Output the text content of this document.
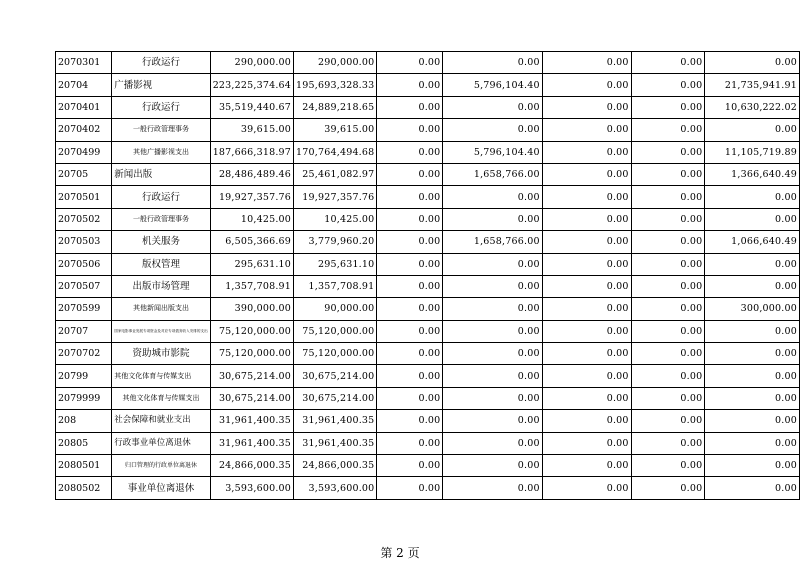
2070301	行政运行	290,000.00	290,000.00	0.00	0.00	0.00	0.00	0.00
20704	广播影视	223,225,374.64	195,693,328.33	0.00	5,796,104.40	0.00	0.00	21,735,941.91
2070401	行政运行	35,519,440.67	24,889,218.65	0.00	0.00	0.00	0.00	10,630,222.02
2070402	一般行政管理事务	39,615.00	39,615.00	0.00	0.00	0.00	0.00	0.00
2070499	其他广播影视支出	187,666,318.97	170,764,494.68	0.00	5,796,104.40	0.00	0.00	11,105,719.89
20705	新闻出版	28,486,489.46	25,461,082.97	0.00	1,658,766.00	0.00	0.00	1,366,640.49
2070501	行政运行	19,927,357.76	19,927,357.76	0.00	0.00	0.00	0.00	0.00
2070502	一般行政管理事务	10,425.00	10,425.00	0.00	0.00	0.00	0.00	0.00
2070503	机关服务	6,505,366.69	3,779,960.20	0.00	1,658,766.00	0.00	0.00	1,066,640.49
2070506	版权管理	295,631.10	295,631.10	0.00	0.00	0.00	0.00	0.00
2070507	出版市场管理	1,357,708.91	1,357,708.91	0.00	0.00	0.00	0.00	0.00
2070599	其他新闻出版支出	390,000.00	90,000.00	0.00	0.00	0.00	0.00	300,000.00
20707	国家电影事业发展专项资金及对应专项债务收入安排的支出	75,120,000.00	75,120,000.00	0.00	0.00	0.00	0.00	0.00
2070702	资助城市影院	75,120,000.00	75,120,000.00	0.00	0.00	0.00	0.00	0.00
20799	其他文化体育与传媒支出	30,675,214.00	30,675,214.00	0.00	0.00	0.00	0.00	0.00
2079999	其他文化体育与传媒支出	30,675,214.00	30,675,214.00	0.00	0.00	0.00	0.00	0.00
208	社会保障和就业支出	31,961,400.35	31,961,400.35	0.00	0.00	0.00	0.00	0.00
20805	行政事业单位离退休	31,961,400.35	31,961,400.35	0.00	0.00	0.00	0.00	0.00
2080501	归口管理的行政单位离退休	24,866,000.35	24,866,000.35	0.00	0.00	0.00	0.00	0.00
2080502	事业单位离退休	3,593,600.00	3,593,600.00	0.00	0.00	0.00	0.00	0.00
第 2 页
